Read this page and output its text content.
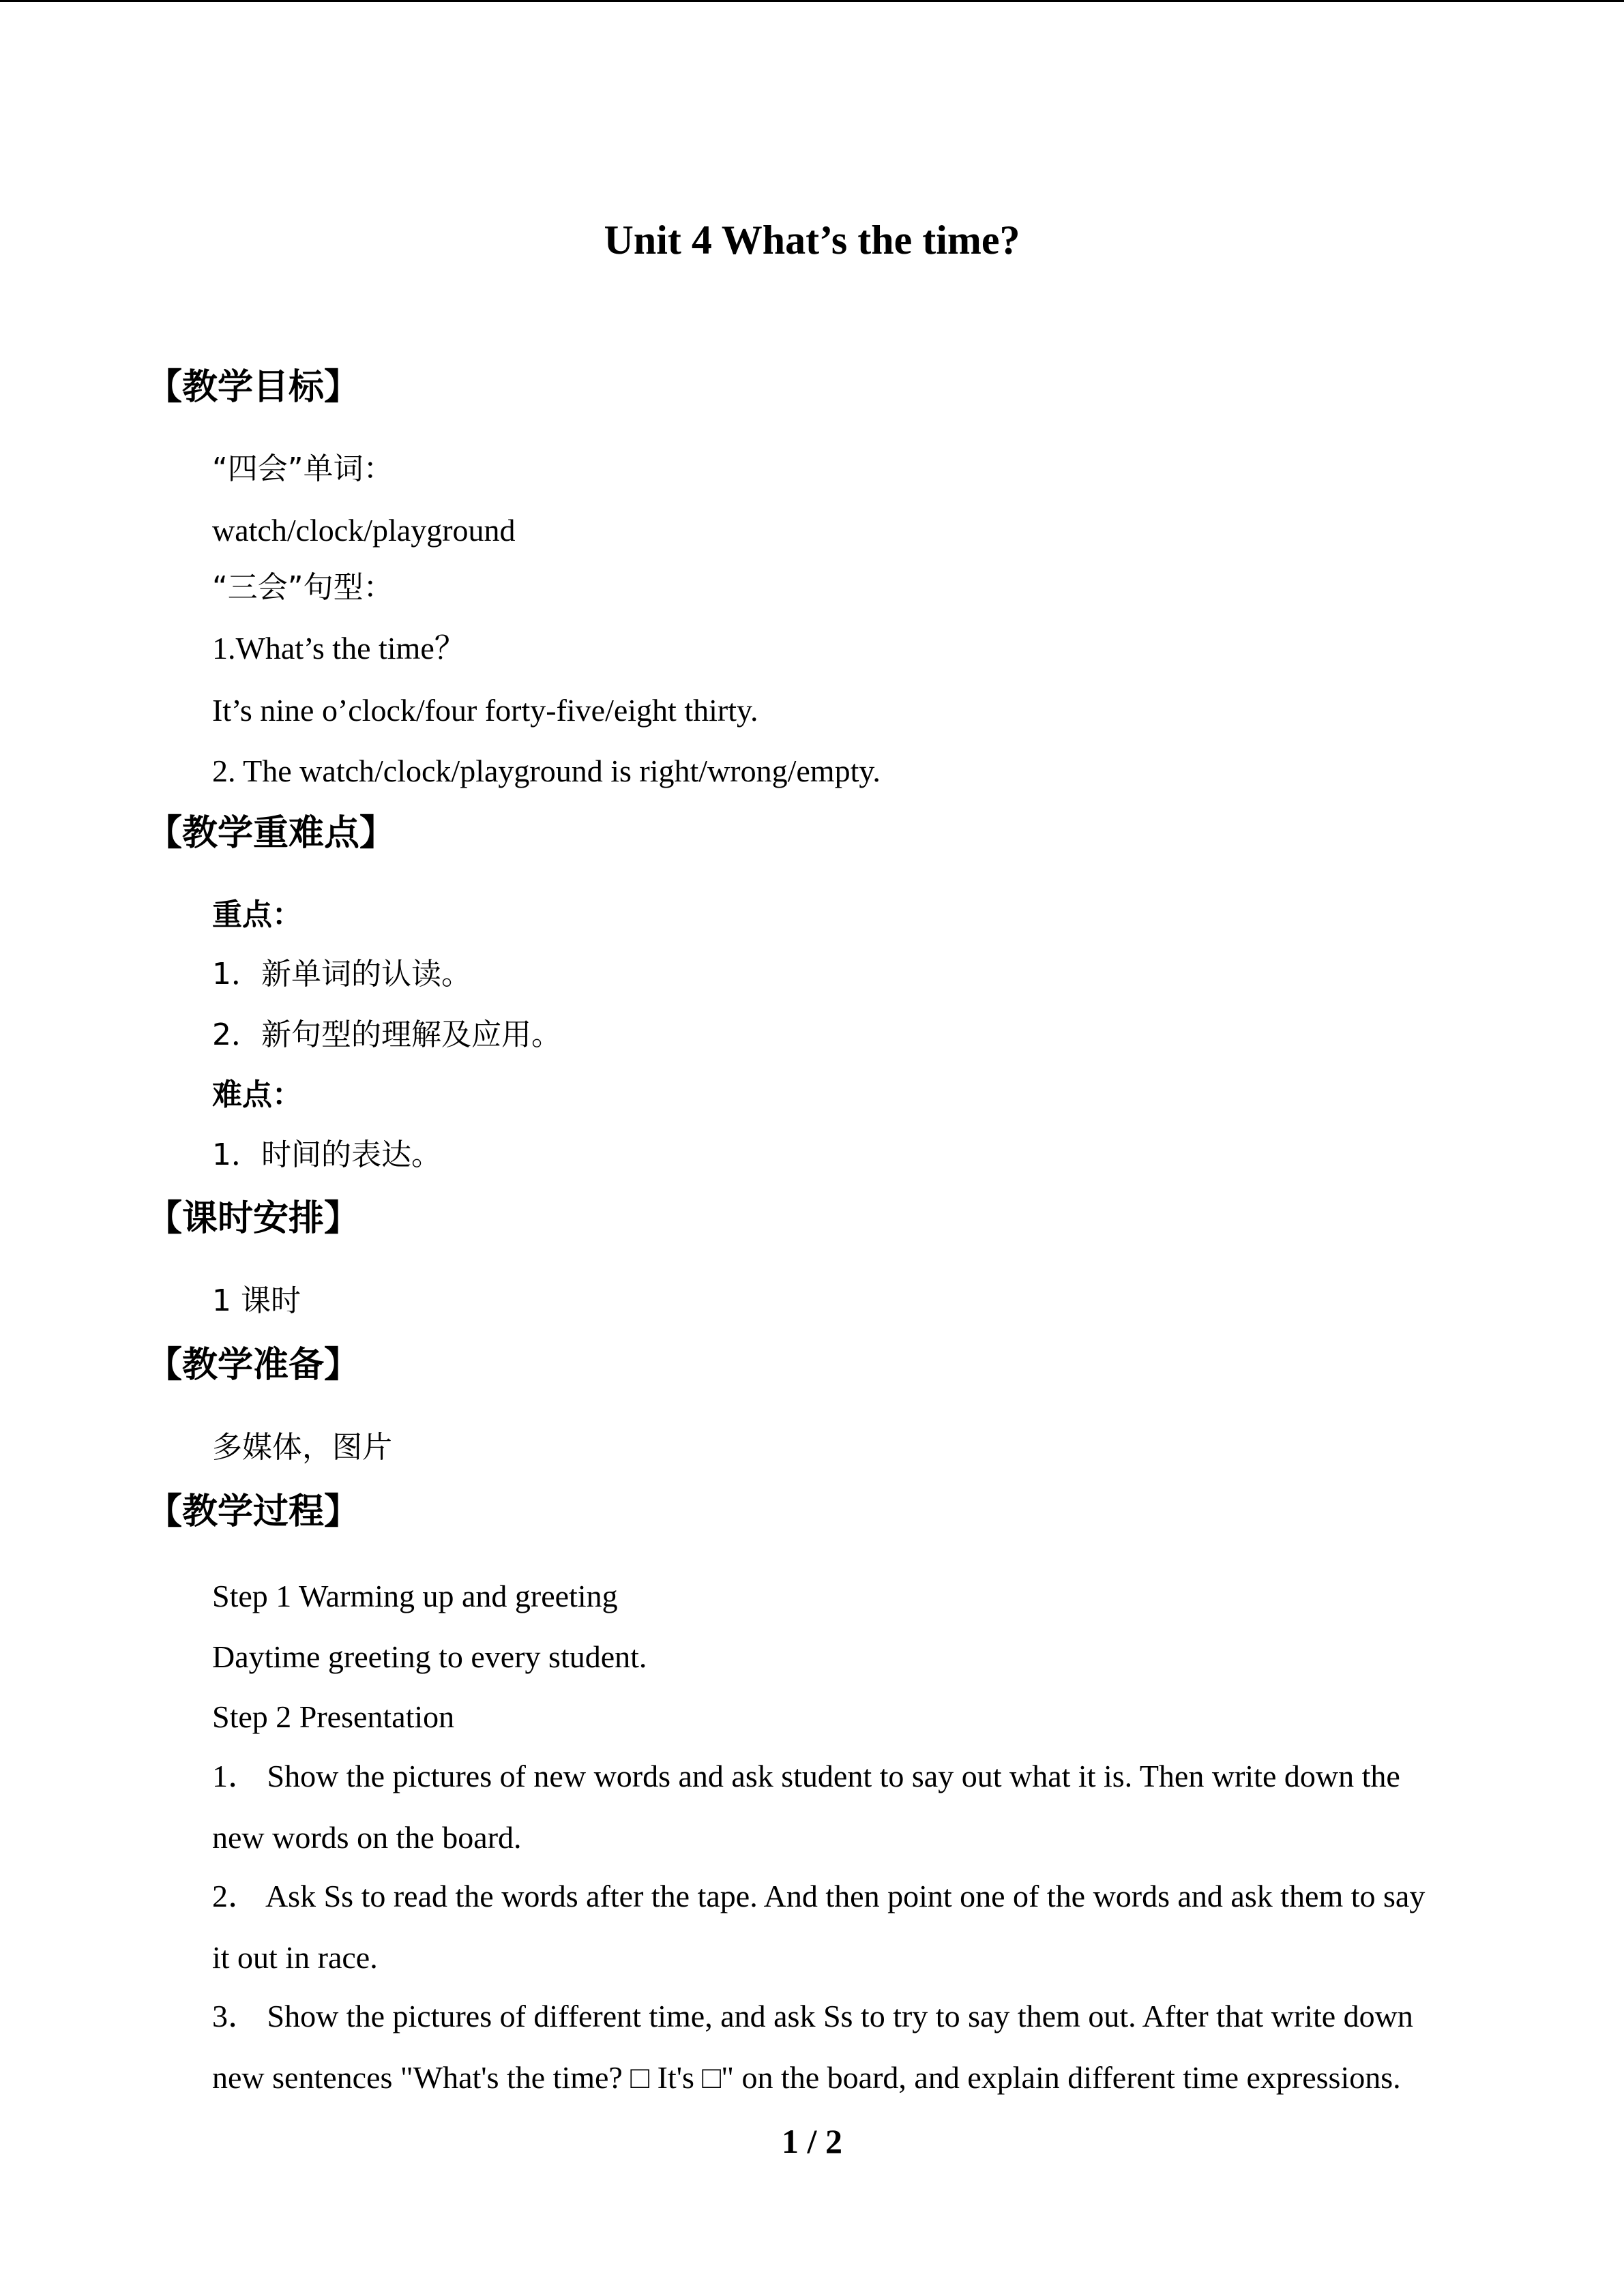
Unit 4 What’s the time?
【教学目标】
“四会”单词：
watch/clock/playground
“三会”句型：
1.What’s the time？
It’s nine o’clock/four forty-five/eight thirty.
2. The watch/clock/playground is right/wrong/empty.
【教学重难点】
重点：
1．新单词的认读。
2．新句型的理解及应用。
难点：
1．时间的表达。
【课时安排】
1 课时
【教学准备】
多媒体，图片
【教学过程】
Step 1 Warming up and greeting
Daytime greeting to every student.
Step 2 Presentation
1． Show the pictures of new words and ask student to say out what it is. Then write down the
new words on the board.
2． Ask Ss to read the words after the tape. And then point one of the words and ask them to say
it out in race.
3． Show the pictures of different time, and ask Ss to try to say them out. After that write down
new sentences "What's the time? □ It's □" on the board, and explain different time expressions.
1 / 2
